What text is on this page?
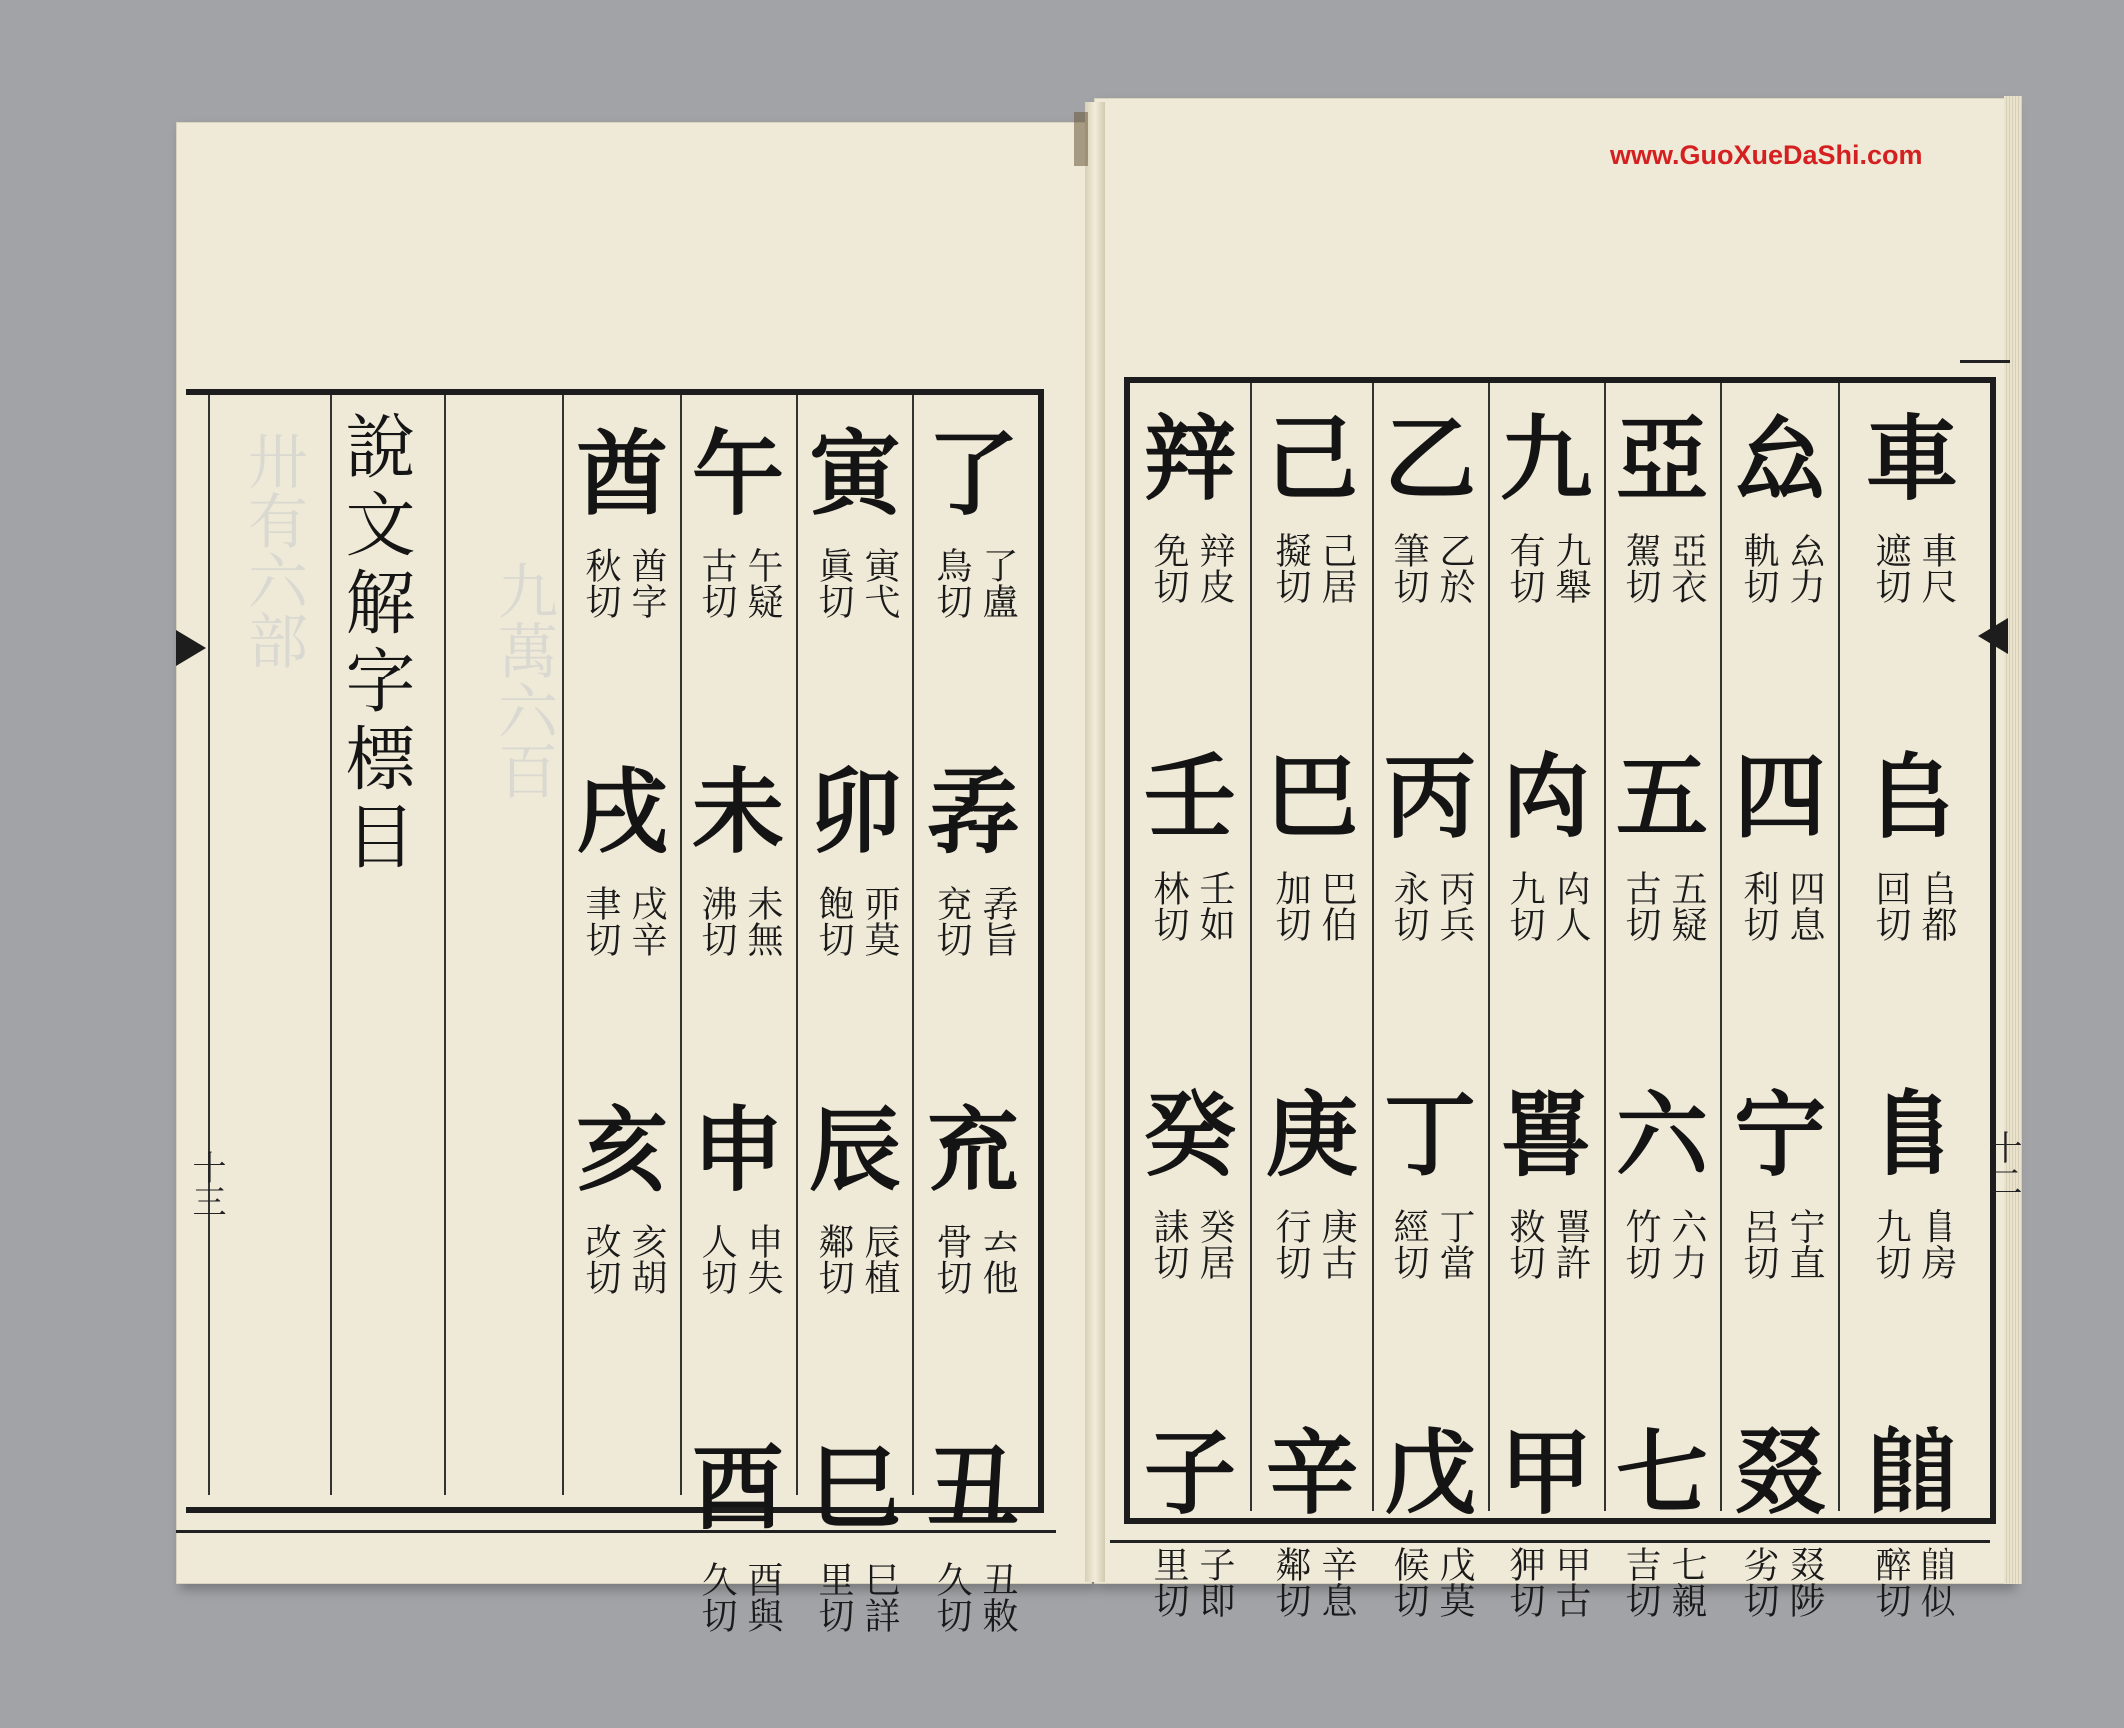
www.GuoXueDaShi.com
卅有六部
九萬六百
說文解字標目
十三	十二
了
了盧
鳥切
孨
孨旨
兗切
㐬
𠫓他
骨切
丑
丑敕
久切
寅
寅弋
眞切
卯
丣莫
飽切
辰
辰植
鄰切
巳
巳詳
里切
午
午疑
古切
未
未無
沸切
申
申失
人切
酉
酉與
久切
酋
酋字
秋切
戌
戌辛
聿切
亥
亥胡
改切
車
車尺
遮切
𠂤
𠂤都
回切
𨸏
𨸏房
九切
𨺅
𨺅似
醉切
厽
厽力
軌切
四
四息
利切
宁
宁直
呂切
叕
叕陟
劣切
亞
亞衣
駕切
五
五疑
古切
六
六力
竹切
七
七親
吉切
九
九舉
有切
禸
禸人
九切
嘼
嘼許
救切
甲
甲古
狎切
乙
乙於
筆切
丙
丙兵
永切
丁
丁當
經切
戊
戊莫
候切
己
己居
擬切
巴
巴伯
加切
庚
庚古
行切
辛
辛息
鄰切
辡
辡皮
免切
壬
壬如
林切
癸
癸居
誄切
子
子即
里切
